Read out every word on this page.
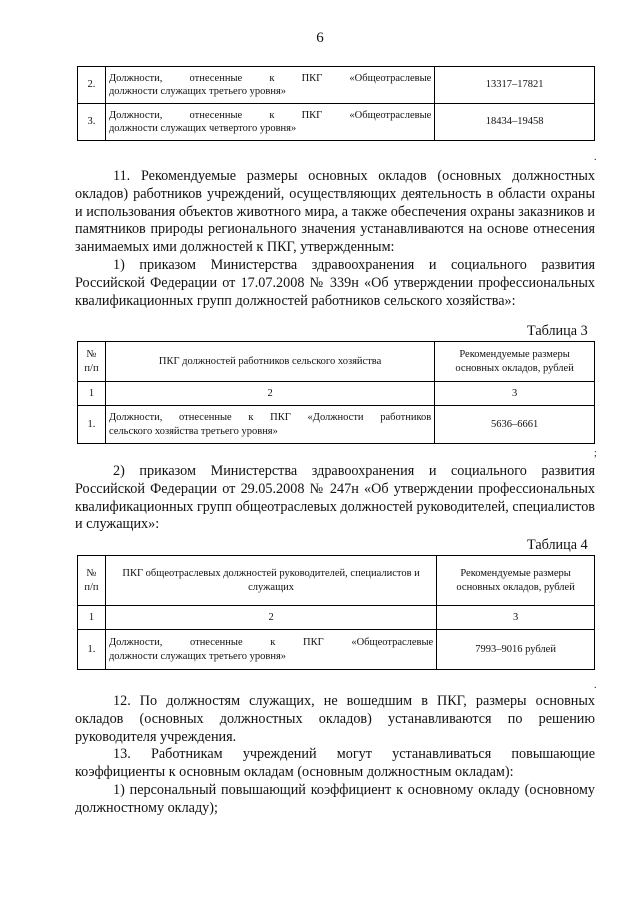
6
2.	Должности, отнесенные к ПКГ «Общеотраслевые
должности служащих третьего уровня»	13317–17821
3.	Должности, отнесенные к ПКГ «Общеотраслевые
должности служащих четвертого уровня»	18434–19458
.
11. Рекомендуемые размеры основных окладов (основных должностных окладов) работников учреждений, осуществляющих деятельность в области охраны и использования объектов животного мира, а также обеспечения охраны заказников и памятников природы регионального значения устанавливаются на основе отнесения занимаемых ими должностей к ПКГ, утвержденным:
1) приказом Министерства здравоохранения и социального развития Российской Федерации от 17.07.2008 № 339н «Об утверждении профессиональных квалификационных групп должностей работников сельского хозяйства»:
Таблица 3
№ п/п	ПКГ должностей работников сельского хозяйства	Рекомендуемые размеры основных окладов, рублей
1	2	3
1.	Должности, отнесенные к ПКГ «Должности работников
сельского хозяйства третьего уровня»	5636–6661
;
2) приказом Министерства здравоохранения и социального развития Российской Федерации от 29.05.2008 № 247н «Об утверждении профессиональных квалификационных групп общеотраслевых должностей руководителей, специалистов и служащих»:
Таблица 4
№ п/п	ПКГ общеотраслевых должностей руководителей, специалистов и служащих	Рекомендуемые размеры основных окладов, рублей
1	2	3
1.	Должности, отнесенные к ПКГ «Общеотраслевые
должности служащих третьего уровня»	7993–9016 рублей
.
12. По должностям служащих, не вошедшим в ПКГ, размеры основных окладов (основных должностных окладов) устанавливаются по решению руководителя учреждения.
13. Работникам учреждений могут устанавливаться повышающие коэффициенты к основным окладам (основным должностным окладам):
1) персональный повышающий коэффициент к основному окладу (основному должностному окладу);
